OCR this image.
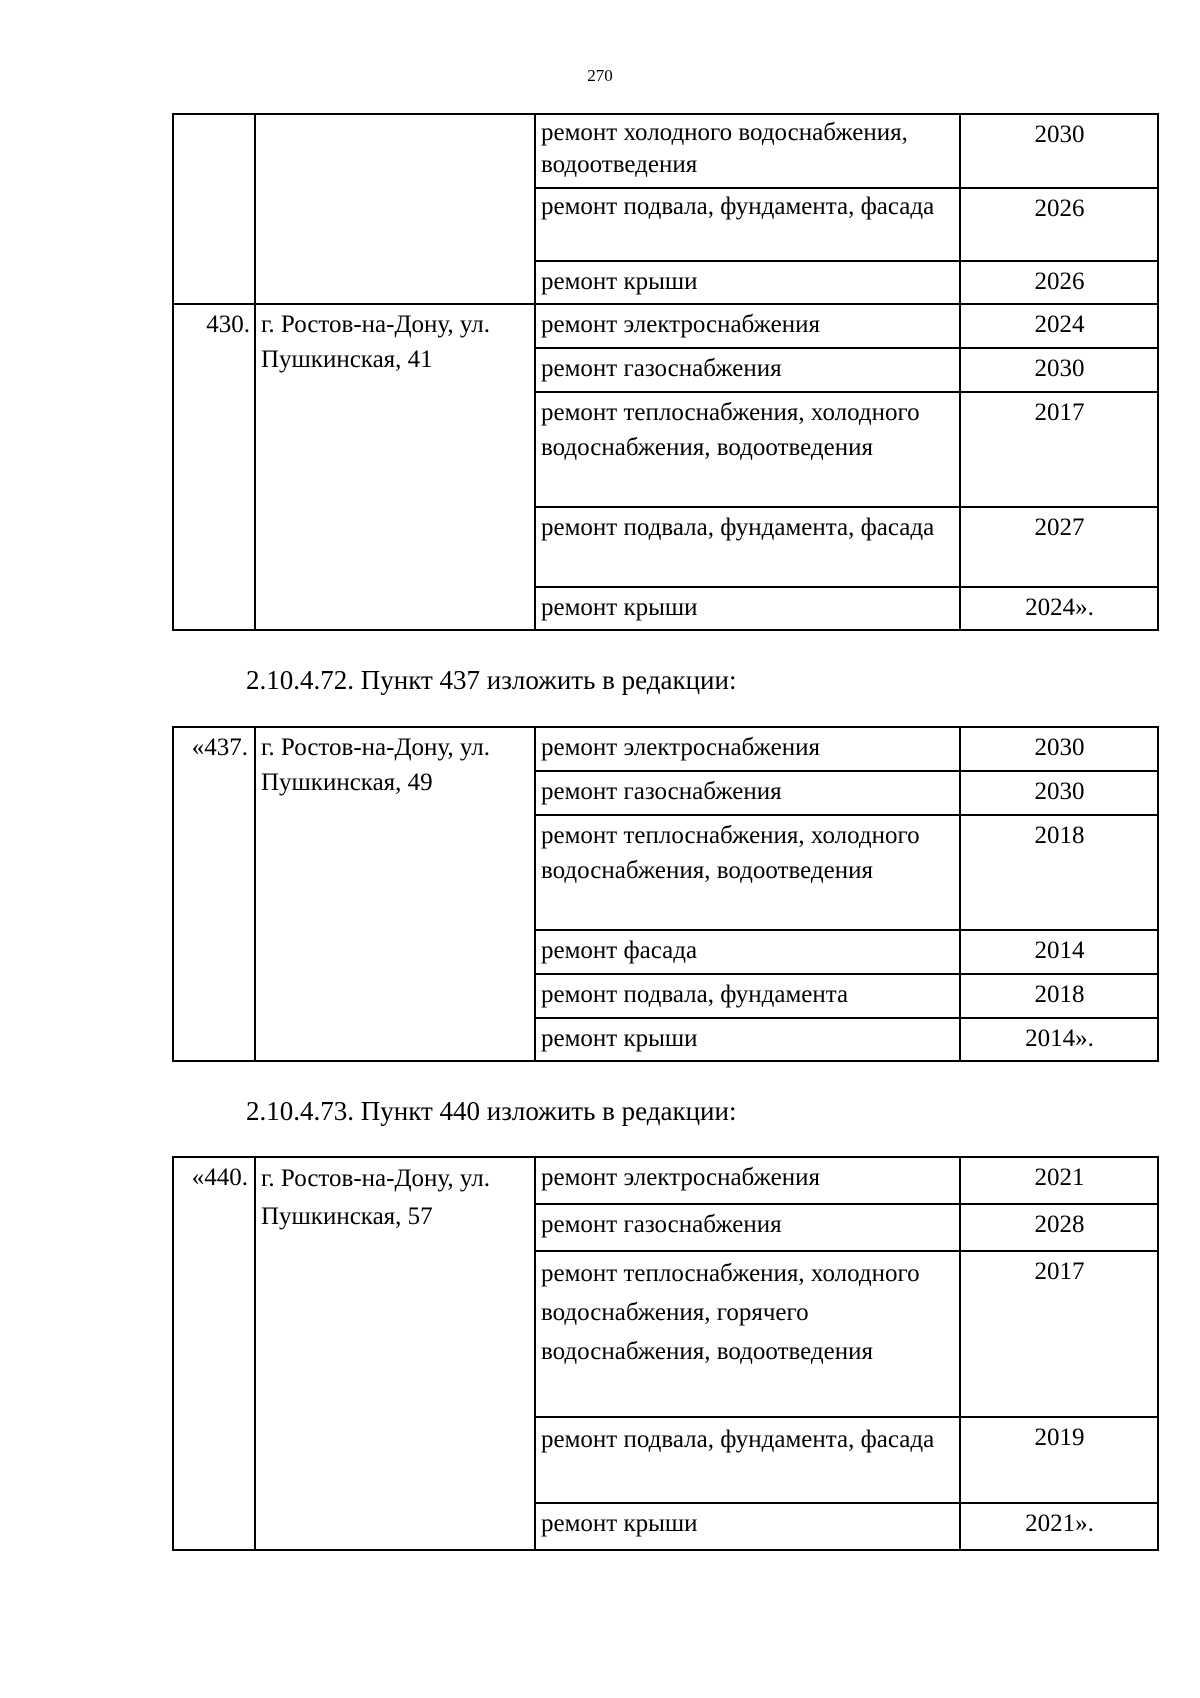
270
		ремонт холодного водоснабжения, водоотведения	2030
		ремонт подвала, фундамента, фасада	2026
		ремонт крыши	2026
430.	г. Ростов-на-Дону, ул. Пушкинская, 41	ремонт электроснабжения	2024
		ремонт газоснабжения	2030
		ремонт теплоснабжения, холодного водоснабжения, водоотведения	2017
		ремонт подвала, фундамента, фасада	2027
		ремонт крыши	2024».
2.10.4.72. Пункт 437 изложить в редакции:
«437.	г. Ростов-на-Дону, ул. Пушкинская, 49	ремонт электроснабжения	2030
		ремонт газоснабжения	2030
		ремонт теплоснабжения, холодного водоснабжения, водоотведения	2018
		ремонт фасада	2014
		ремонт подвала, фундамента	2018
		ремонт крыши	2014».
2.10.4.73. Пункт 440 изложить в редакции:
«440.	г. Ростов-на-Дону, ул. Пушкинская, 57	ремонт электроснабжения	2021
		ремонт газоснабжения	2028
		ремонт теплоснабжения, холодного водоснабжения, горячего водоснабжения, водоотведения	2017
		ремонт подвала, фундамента, фасада	2019
		ремонт крыши	2021».
